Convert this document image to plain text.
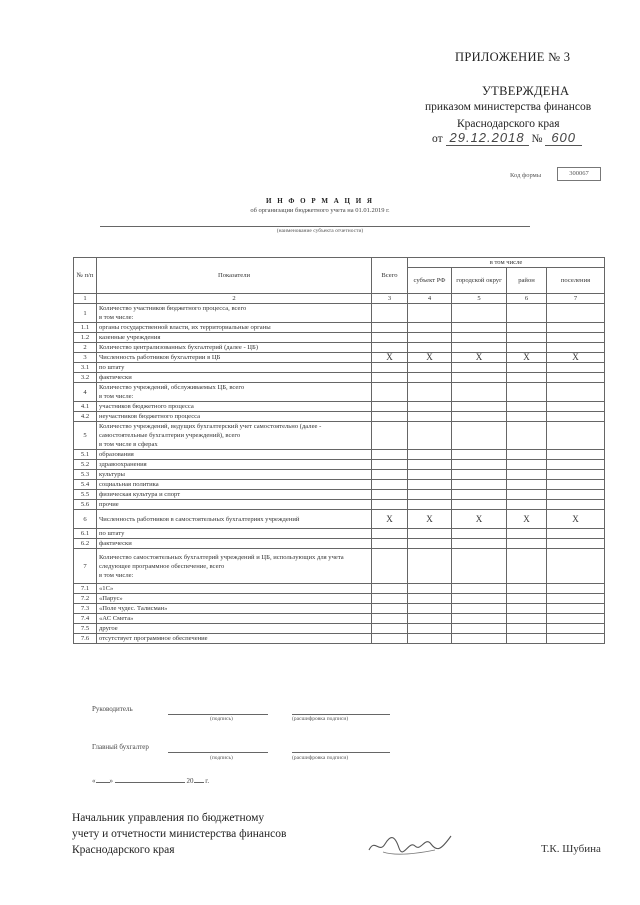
ПРИЛОЖЕНИЕ № 3
УТВЕРЖДЕНА
приказом министерства финансов
Краснодарского края
от 29.12.2018 № 600
Код формы	300067
И Н Ф О Р М А Ц И Я
об организации бюджетного учета на 01.01.2019 г.
(наименование субъекта отчетности)
№ п/п	Показатели	Всего	в том числе			
			субъект РФ	городской округ	район	поселения
1	2	3	4	5	6	7
1	Количество участников бюджетного процесса, всего
в том числе:					
1.1	органы государственной власти, их территориальные органы					
1.2	казенные учреждения					
2	Количество централизованных бухгалтерий (далее - ЦБ)					
3	Численность работников бухгалтерии в ЦБ	X	X	X	X	X
3.1	по штату					
3.2	фактически					
4	Количество учреждений, обслуживаемых ЦБ, всего
в том числе:					
4.1	участников бюджетного процесса					
4.2	неучастников бюджетного процесса					
5	Количество учреждений, ведущих бухгалтерский учет самостоятельно (далее - самостоятельные бухгалтерии учреждений), всего
в том числе в сферах					
5.1	образования					
5.2	здравоохранения					
5.3	культуры					
5.4	социальная политика					
5.5	физическая культура и спорт					
5.6	прочие					
6	Численность работников в самостоятельных бухгалтериях учреждений	X	X	X	X	X
6.1	по штату					
6.2	фактически					
7	Количество самостоятельных бухгалтерий учреждений и ЦБ, использующих для учета следующее программное обеспечение, всего
в том числе:					
7.1	«1С»					
7.2	«Парус»					
7.3	«Поле чудес. Талисман»					
7.4	«АС Смета»					
7.5	другое					
7.6	отсутствует программное обеспечение					
Руководитель
(подпись)	(расшифровка подписи)
Главный бухгалтер
(подпись)	(расшифровка подписи)
« »	20 г.
Начальник управления по бюджетному
учету и отчетности министерства финансов
Краснодарского края	Т.К. Шубина
